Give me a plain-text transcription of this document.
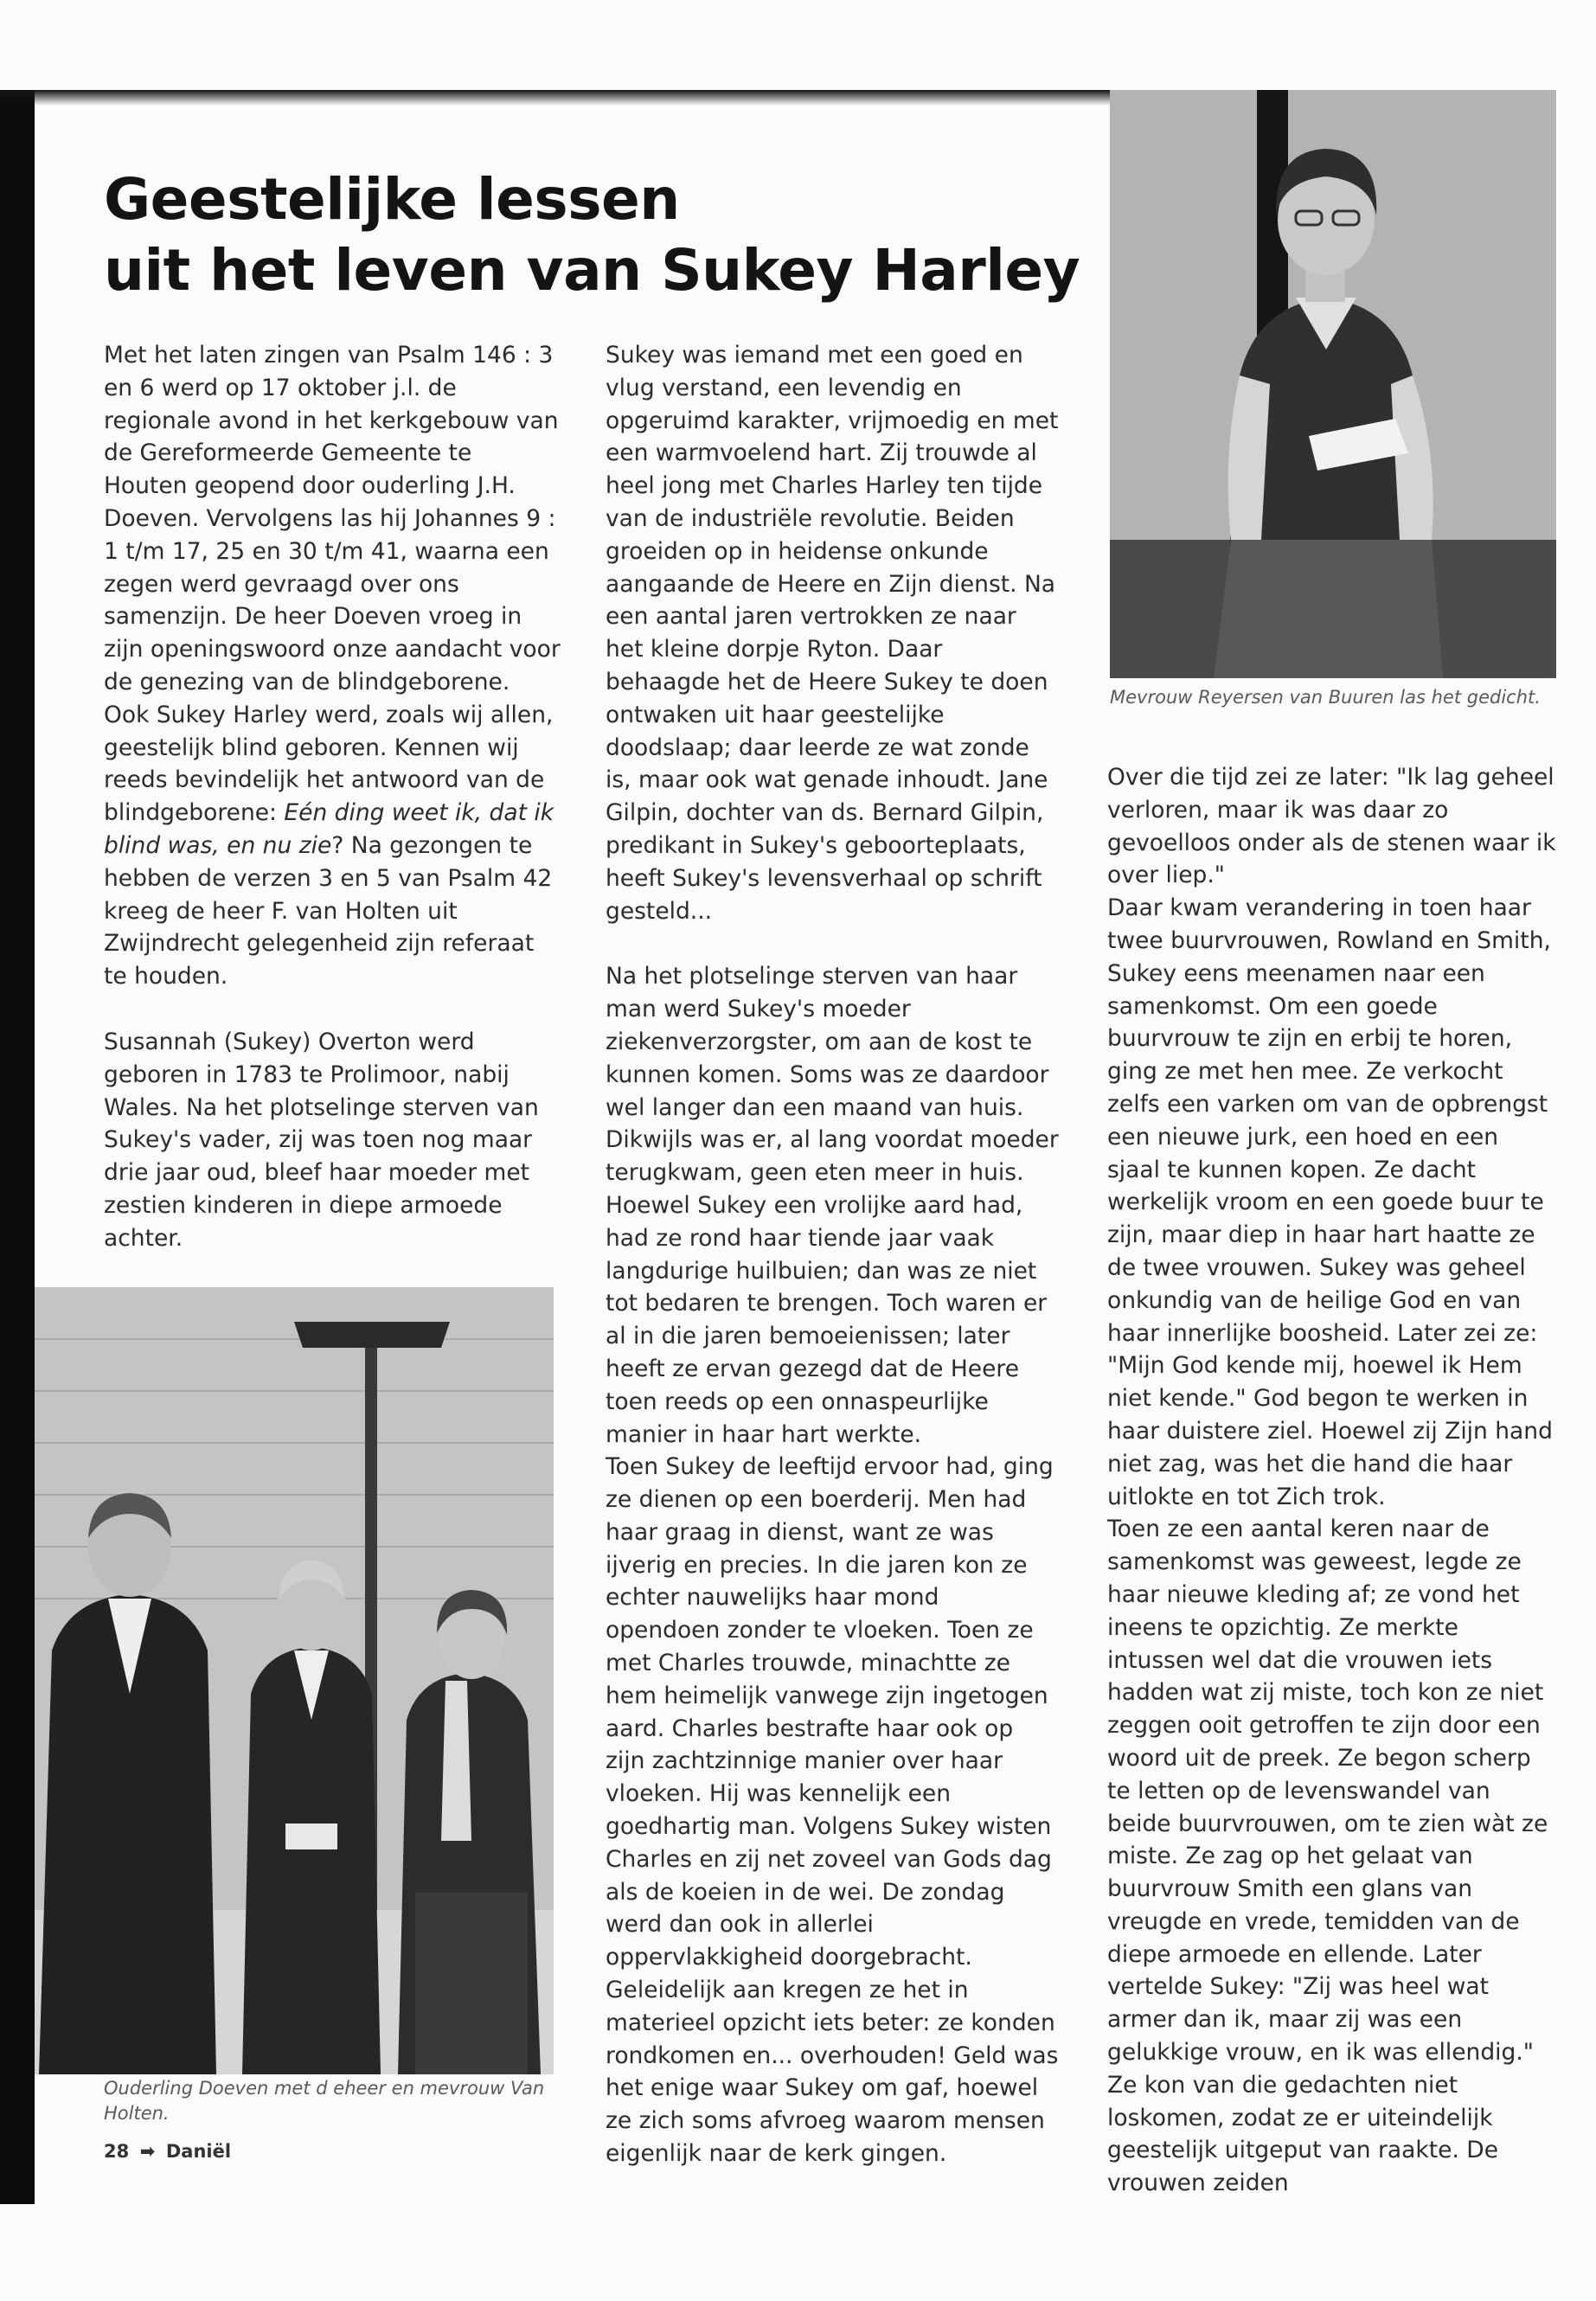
Geestelijke lessen
uit het leven van Sukey Harley

Met het laten zingen van Psalm 146 : 3 en 6 werd op 17 oktober j.l. de regionale avond in het kerkgebouw van de Gereformeerde Gemeente te Houten geopend door ouderling J.H. Doeven. Vervolgens las hij Johannes 9 : 1 t/m 17, 25 en 30 t/m 41, waarna een zegen werd gevraagd over ons samenzijn. De heer Doeven vroeg in zijn openingswoord onze aandacht voor de genezing van de blindgeborene. Ook Sukey Harley werd, zoals wij allen, geestelijk blind geboren. Kennen wij reeds bevindelijk het antwoord van de blindgeborene: Eén ding weet ik, dat ik blind was, en nu zie? Na gezongen te hebben de verzen 3 en 5 van Psalm 42 kreeg de heer F. van Holten uit Zwijndrecht gelegenheid zijn referaat te houden.

Susannah (Sukey) Overton werd geboren in 1783 te Prolimoor, nabij Wales. Na het plotselinge sterven van Sukey's vader, zij was toen nog maar drie jaar oud, bleef haar moeder met zestien kinderen in diepe armoede achter.

Sukey was iemand met een goed en vlug verstand, een levendig en opgeruimd karakter, vrijmoedig en met een warmvoelend hart. Zij trouwde al heel jong met Charles Harley ten tijde van de industriële revolutie. Beiden groeiden op in heidense onkunde aangaande de Heere en Zijn dienst. Na een aantal jaren vertrokken ze naar het kleine dorpje Ryton. Daar behaagde het de Heere Sukey te doen ontwaken uit haar geestelijke doodslaap; daar leerde ze wat zonde is, maar ook wat genade inhoudt. Jane Gilpin, dochter van ds. Bernard Gilpin, predikant in Sukey's geboorteplaats, heeft Sukey's levensverhaal op schrift gesteld...

Na het plotselinge sterven van haar man werd Sukey's moeder ziekenverzorgster, om aan de kost te kunnen komen. Soms was ze daardoor wel langer dan een maand van huis. Dikwijls was er, al lang voordat moeder terugkwam, geen eten meer in huis.

Hoewel Sukey een vrolijke aard had, had ze rond haar tiende jaar vaak langdurige huilbuien; dan was ze niet tot bedaren te brengen. Toch waren er al in die jaren bemoeienissen; later heeft ze ervan gezegd dat de Heere toen reeds op een onnaspeurlijke manier in haar hart werkte.

Toen Sukey de leeftijd ervoor had, ging ze dienen op een boerderij. Men had haar graag in dienst, want ze was ijverig en precies. In die jaren kon ze echter nauwelijks haar mond opendoen zonder te vloeken. Toen ze met Charles trouwde, minachtte ze hem heimelijk vanwege zijn ingetogen aard. Charles bestrafte haar ook op zijn zachtzinnige manier over haar vloeken. Hij was kennelijk een goedhartig man. Volgens Sukey wisten Charles en zij net zoveel van Gods dag als de koeien in de wei. De zondag werd dan ook in allerlei oppervlakkigheid doorgebracht.

Geleidelijk aan kregen ze het in materieel opzicht iets beter: ze konden rondkomen en... overhouden! Geld was het enige waar Sukey om gaf, hoewel ze zich soms afvroeg waarom mensen eigenlijk naar de kerk gingen.

Mevrouw Reyersen van Buuren las het gedicht.

Over die tijd zei ze later: "Ik lag geheel verloren, maar ik was daar zo gevoelloos onder als de stenen waar ik over liep."

Daar kwam verandering in toen haar twee buurvrouwen, Rowland en Smith, Sukey eens meenamen naar een samenkomst. Om een goede buurvrouw te zijn en erbij te horen, ging ze met hen mee. Ze verkocht zelfs een varken om van de opbrengst een nieuwe jurk, een hoed en een sjaal te kunnen kopen. Ze dacht werkelijk vroom en een goede buur te zijn, maar diep in haar hart haatte ze de twee vrouwen. Sukey was geheel onkundig van de heilige God en van haar innerlijke boosheid. Later zei ze: "Mijn God kende mij, hoewel ik Hem niet kende." God begon te werken in haar duistere ziel. Hoewel zij Zijn hand niet zag, was het die hand die haar uitlokte en tot Zich trok.

Toen ze een aantal keren naar de samenkomst was geweest, legde ze haar nieuwe kleding af; ze vond het ineens te opzichtig. Ze merkte intussen wel dat die vrouwen iets hadden wat zij miste, toch kon ze niet zeggen ooit getroffen te zijn door een woord uit de preek. Ze begon scherp te letten op de levenswandel van beide buurvrouwen, om te zien wàt ze miste. Ze zag op het gelaat van buurvrouw Smith een glans van vreugde en vrede, temidden van de diepe armoede en ellende. Later vertelde Sukey: "Zij was heel wat armer dan ik, maar zij was een gelukkige vrouw, en ik was ellendig." Ze kon van die gedachten niet loskomen, zodat ze er uiteindelijk geestelijk uitgeput van raakte. De vrouwen zeiden

Ouderling Doeven met d eheer en mevrouw Van Holten.
28 ➡ Daniël
